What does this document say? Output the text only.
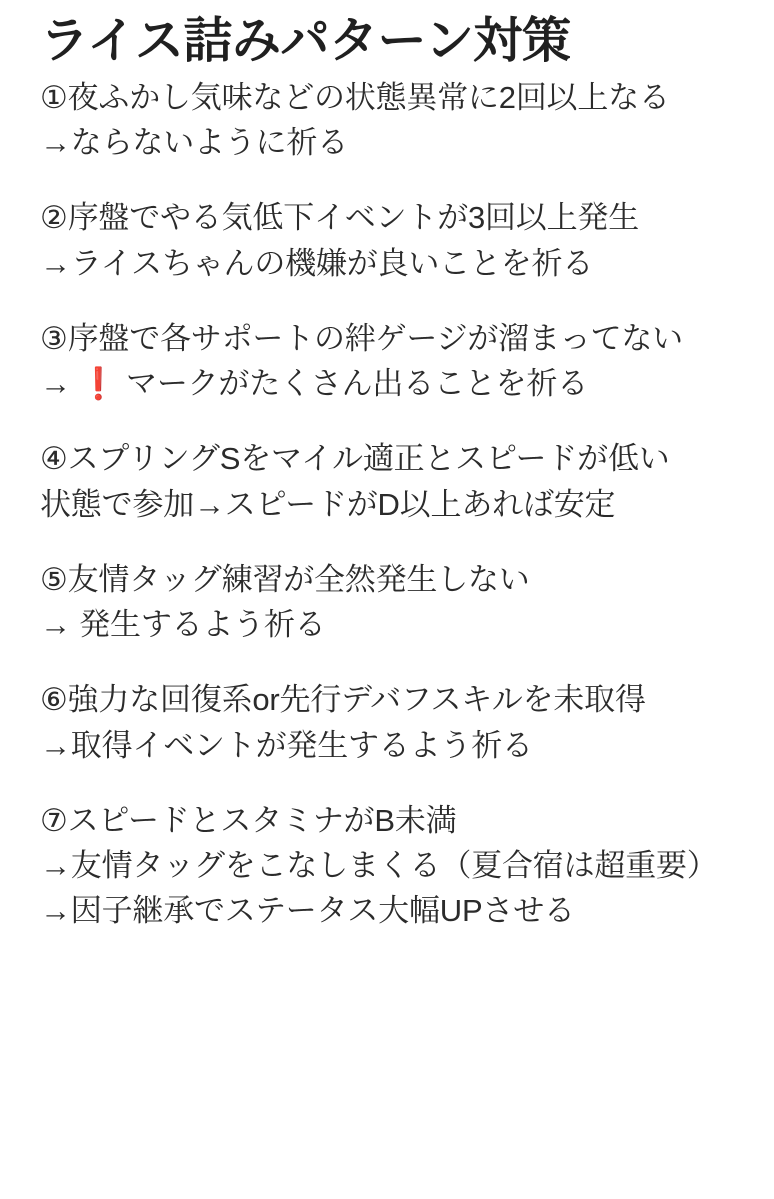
ライス詰みパターン対策
①夜ふかし気味などの状態異常に2回以上なる
→ならないように祈る
②序盤でやる気低下イベントが3回以上発生
→ライスちゃんの機嫌が良いことを祈る
③序盤で各サポートの絆ゲージが溜まってない
→ ❗ マークがたくさん出ることを祈る
④スプリングSをマイル適正とスピードが低い
状態で参加→スピードがD以上あれば安定
⑤友情タッグ練習が全然発生しない
→ 発生するよう祈る
⑥強力な回復系or先行デバフスキルを未取得
→取得イベントが発生するよう祈る
⑦スピードとスタミナがB未満
→友情タッグをこなしまくる（夏合宿は超重要）
→因子継承でステータス大幅UPさせる
